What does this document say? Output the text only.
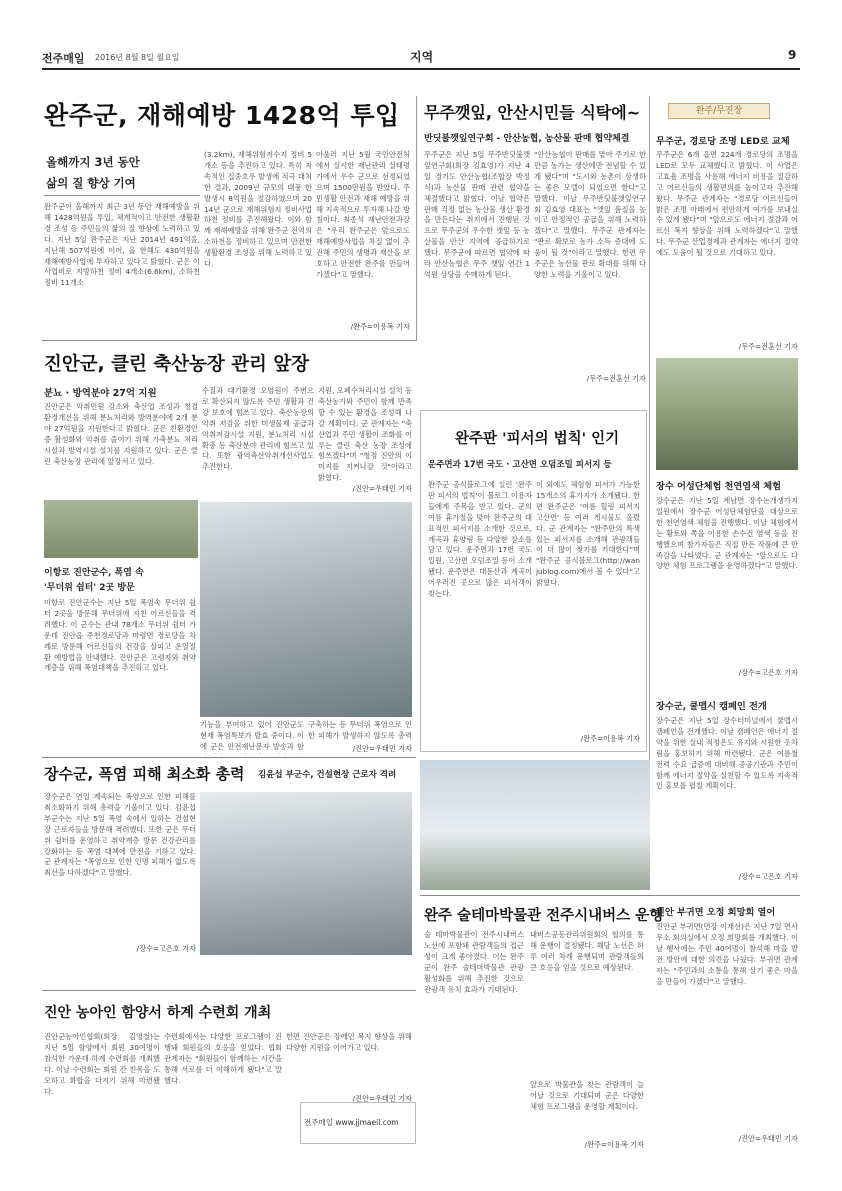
전주매일 2016년 8월 8일 월요일	지역	9
완주군, 재해예방 1428억 투입
올해까지 3년 동안
삶의 질 향상 기여
완주군이 올해까지 최근 3년 동안 재해예방을 위해 1428억원을 투입, 체계적이고 안전한 생활환경 조성 등 주민들의 삶의 질 향상에 노력하고 있다. 지난 5일 완주군은 지난 2014년 491억을, 지난해 507억원에 이어, 올 한해도 430억원을 재해예방사업에 투자하고 있다고 밝혔다. 군은 이 사업비로 지방하천 정비 4개소(6.6km), 소하천 정비 11개소
(3.2km), 재해위험저수지 정비 5개소 등을 추진하고 있다. 특히 지속적인 집중호우 발생에 적극 대처한 결과, 2009년 규모의 태풍 한 발생시 8억원을 절감하였으며 2014년 군으로 재해위험지 정비사업 하천 정비를 추진해왔다. 이와 함께 재해예방을 위해 완주군 전역의 소하천을 정비하고 있으며 안전한 생활환경 조성을 위해 노력하고 있다.
아울러 지난 5월 국민안전처에서 실시한 재난관리 실태평가에서 우수 군으로 선정되었으며 1500만원을 받았다. 주민생활 안전과 재해 예방을 위해 지속적으로 투자해 나갈 방침이다. 최종석 재난안전과장은 "우리 완주군은 앞으로도 재해예방사업을 차질 없이 추진해 주민의 생명과 재산을 보호하고 안전한 완주를 만들어 가겠다"고 말했다.
/완주=이용복 기자
무주깻잎, 안산시민들 식탁에~
반딧불깻잎연구회 - 안산농협, 농산물 판매 협약체결
무주군은 지난 5일 무주반딧불깻잎연구회(회장 김효영)가 지난 4일 경기도 안산농협(조합장 박정식)과 농산물 판매 관련 협약을 체결했다고 밝혔다. 이날 협약은 판매 걱정 없는 농산물 생산 환경을 만든다는 취지에서 진행된 것으로 무주군의 우수한 깻잎 등 농산물을 안산 지역에 공급하기로 했다. 무주군에 따르면 협약에 따라 안산농협은 무주 깻잎 연간 1억원 상당을 수매하게 된다.
"안산농협이 판매를 맡아 주기로 한 만큼 농가는 생산에만 전념할 수 있게 됐다"며 "도시와 농촌이 상생하는 좋은 모델이 되었으면 한다"고 말했다. 이날 무주반딧불깻잎연구회 김효영 대표는 "깻잎 품질을 높이고 안정적인 공급을 위해 노력하겠다"고 말했다. 무주군 관계자는 "판로 확보로 농가 소득 증대에 도움이 될 것"이라고 말했다. 한편 무주군은 농산물 판로 확대를 위해 다양한 노력을 기울이고 있다.
/무주=전훈선 기자
완주/무진장
무주군, 경로당 조명 LED로 교체
무주군은 6개 읍면 224개 경로당의 조명을 LED로 모두 교체했다고 밝혔다. 이 사업은 고효율 조명을 사용해 에너지 비용을 절감하고 어르신들의 생활편의를 높이고자 추진해 왔다. 무주군 관계자는 "경로당 어르신들이 밝은 조명 아래에서 편안하게 여가를 보내실 수 있게 됐다"며 "앞으로도 에너지 절감과 어르신 복지 향상을 위해 노력하겠다"고 말했다. 무주군 산업경제과 관계자는 에너지 절약에도 도움이 될 것으로 기대하고 있다.
/무주=전훈선 기자
장수 어성단체험 천연염색 체험
장수군은 지난 5일 계남면 장수논개생가지 일원에서 장수군 어성단체험단을 대상으로 한 천연염색 체험을 진행했다. 이날 체험에서는 황토와 쪽을 이용한 손수건 염색 등을 진행했으며 참가자들은 직접 만든 작품에 큰 만족감을 나타냈다. 군 관계자는 "앞으로도 다양한 체험 프로그램을 운영하겠다"고 말했다.
/장수=고은호 기자
장수군, 쿨맵시 캠페인 전개
장수군은 지난 5일 장수터미널에서 쿨맵시 캠페인을 전개했다. 이날 캠페인은 에너지 절약을 위한 실내 적정온도 유지와 시원한 옷차림을 홍보하기 위해 마련됐다. 군은 여름철 전력 수요 급증에 대비해 공공기관과 주민이 함께 에너지 절약을 실천할 수 있도록 지속적인 홍보를 펼칠 계획이다.
/장수=고은호 기자
진안군, 클린 축산농장 관리 앞장
분뇨 · 방역분야 27억 지원
진안군은 악취민원 감소와 축산업 조성과 청결 환경개선을 위해 분뇨처리와 방역분야에 2개 분야 27억원을 지원한다고 밝혔다. 군은 친환경인증 활성화와 악취를 줄이기 위해 가축분뇨 처리시설과 방역시설 설치를 지원하고 있다. 군은 클린 축산농장 관리에 앞장서고 있다.
수질과 대기환경 오염원이 주변으로 확산되지 않도록 주민 생활과 건강 보호에 힘쓰고 있다. 축산농장의 악취 저감을 위한 미생물제 공급과 악취저감시설 지원, 분뇨처리 시설 확충 등 축산분야 관리에 힘쓰고 있다. 또한 광역축산악취개선사업도 추진한다.
지원, 오폐수처리시설 설치 등 축산농가와 주민이 함께 만족할 수 있는 환경을 조성해 나갈 계획이다. 군 관계자는 "축산업과 주민 생활이 조화를 이루는 클린 축산 농장 조성에 힘쓰겠다"며 "청정 진안의 이미지를 지켜나갈 것"이라고 밝혔다.
/진안=우태민 기자
이항로 진안군수, 폭염 속
'무더위 쉼터' 2곳 방문
이항로 진안군수는 지난 5일 폭염속 무더위 쉼터 2곳을 방문해 무더위에 지친 어르신들을 격려했다. 이 군수는 관내 78개소 무더위 쉼터 가운데 진안읍 주천경로당과 마령면 경로당을 차례로 방문해 어르신들의 건강을 살피고 온열질환 예방법을 안내했다. 진안군은 고령자와 취약계층을 위해 폭염대책을 추진하고 있다.
기능을 부여하고 있어 진안군도 현재 폭염특보가 발효 중이다. 이에 군은 안전재난문자 발송과 함
구축하는 등 무더위 폭염으로 인한 피해가 발생하지 않도록 총력
/진안=우태민 기자
완주판 '피서의 법칙' 인기
운주면과 17번 국도 · 고산면 오덤조밀 피서지 등
완주군 공식블로그에 실린 '완주판 피서의 법칙'이 블로그 이용자들에게 주목을 받고 있다. 군의 여름 휴가철을 맞아 완주군의 대표적인 피서지를 소개한 것으로, 계곡과 휴양림 등 다양한 장소를 담고 있다. 운주면과 17번 국도 일원, 고산면 오덤조밀 등이 소개됐다. 운주면은 대둔산과 계곡이 어우러진 곳으로 많은 피서객이 찾는다.
이 외에도 체험형 피서가 가능한 15개소의 휴가지가 소개됐다. 한편 완주군은 '여름 힐링 피서지 고산면' 등 여러 게시물도 올렸다. 군 관계자는 "완주만의 특색 있는 피서지를 소개해 관광객들이 더 많이 찾기를 기대한다"며 "완주군 공식블로그(http://wanjublog.com)에서 볼 수 있다"고 밝혔다.
/완주=이용복 기자
장수군, 폭염 피해 최소화 총력 김윤섭 부군수, 건설현장 근로자 격려
장수군은 연일 계속되는 폭염으로 인한 피해를 최소화하기 위해 총력을 기울이고 있다. 김윤섭 부군수는 지난 5일 폭염 속에서 일하는 건설현장 근로자들을 방문해 격려했다. 또한 군은 무더위 쉼터를 운영하고 취약계층 방문 건강관리를 강화하는 등 폭염 대책에 만전을 기하고 있다. 군 관계자는 "폭염으로 인한 인명 피해가 없도록 최선을 다하겠다"고 말했다.
/장수=고은호 기자
완주 술테마박물관 전주시내버스 운행
술 테마박물관이 전주시내버스 노선에 포함돼 관람객들의 접근성이 크게 좋아졌다. 이는 완주군이 완주 술테마박물관 관광 활성화를 위해 추진한 것으로 관광객 유치 효과가 기대된다.
내버스공동관리위원회의 협의를 통해 운행이 결정됐다. 해당 노선은 하루 여러 차례 운행되며 관람객들의 큰 호응을 얻을 것으로 예상된다.
앞으로 박물관을 찾는 관람객이 늘어날 것으로 기대되며 군은 다양한 체험 프로그램을 운영할 계획이다.
/완주=이용복 기자
진안 부귀면 오정 희망회 열어
진안군 부귀면(면장 이재선)은 지난 7일 면사무소 회의실에서 오정 희망회를 개최했다. 이날 행사에는 주민 40여명이 참석해 마을 발전 방안에 대한 의견을 나눴다. 부귀면 관계자는 "주민과의 소통을 통해 살기 좋은 마을을 만들어 가겠다"고 말했다.
/진안=우태민 기자
진안 농아인 함양서 하계 수련회 개최
진안군농아인협회(회장 김영철)는 지난 5일 함양에서 회원 30여명이 참석한 가운데 하계 수련회를 개최했다. 이날 수련회는 회원 간 친목을 도모하고 화합을 다지기 위해 마련됐다.
수련회에서는 다양한 프로그램이 진행돼 회원들의 호응을 얻었다. 협회 관계자는 "회원들이 함께하는 시간을 통해 서로를 더 이해하게 됐다"고 말했다.
한편 진안군은 장애인 복지 향상을 위해 다양한 지원을 이어가고 있다.
/진안=우태민 기자
전주매일 www.jjmaeil.com
